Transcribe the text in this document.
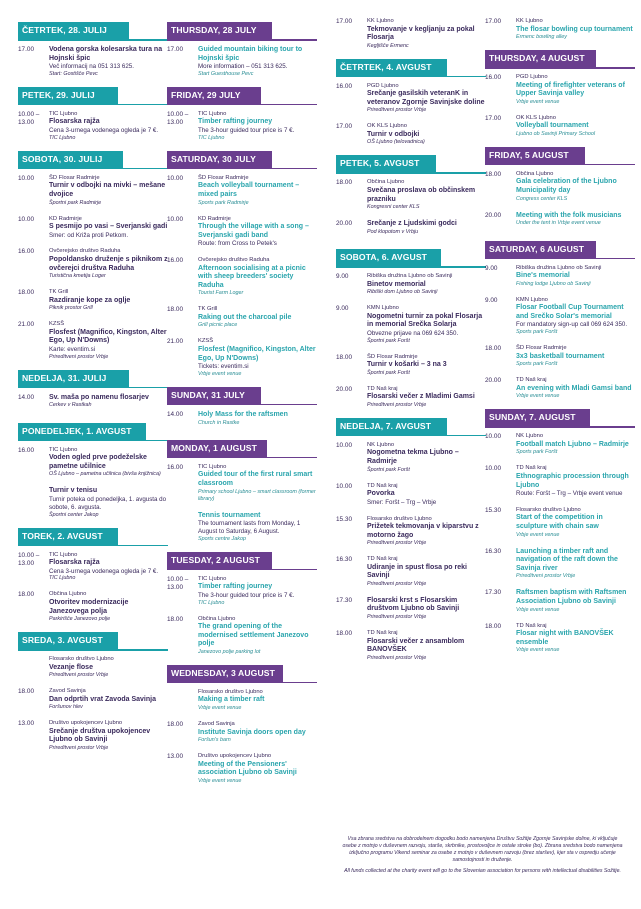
ČETRTEK, 28. JULIJ
17.00 Vodena gorska kolesarska tura na Hojnski špic
Več informacij na 051 313 625.
Start: Gostišče Pevc
PETEK, 29. JULIJ
10.00 –
13.00
TIC Ljubno
Flosarska rajža
Cena 3-urnega vodenega ogleda je 7 €.
TIC Ljubno
SOBOTA, 30. JULIJ
10.00	ŠD Flosar Radmirje
Turnir v odbojki na mivki – mešane dvojice
Športni park Radmirje
10.00	KD Radmirje
S pesmijo po vasi – Sverjanski gadi
Smer: od Križa proti Petkom.
16.00	Ovčerejsko društvo Raduha
Popoldansko druženje s piknikom z ovčerejci društva Raduha
Turistična kmetija Loger
18.00	TK Grill
Razdiranje kope za oglje
Piknik prostor Grill
21.00	KZSŠ
Flosfest (Magnifico, Kingston, Alter Ego, Up N'Downs)
Karte: eventim.si
Prireditveni prostor Vrbje
NEDELJA, 31. JULIJ
14.00 Sv. maša po namenu flosarjev
Cerkev v Rastkah
PONEDELJEK, 1. AVGUST
16.00	TIC Ljubno
Voden ogled prve podeželske pametne učilnice
OŠ Ljubno – pametna učilnica (bivša knjižnica)
Turnir v tenisu
Turnir poteka od ponedeljka, 1. avgusta do sobote, 6. avgusta.
Športni center Jakop
TOREK, 2. AVGUST
10.00 –
13.00
TIC Ljubno
Flosarska rajža
Cena 3-urnega vodenega ogleda je 7 €.
TIC Ljubno
18.00	Občina Ljubno
Otvoritev modernizacije Janezovega polja
Parkirišče Janezovo polje
SREDA, 3. AVGUST
Flosarsko društvo Ljubno
Vezanje flose
Prireditveni prostor Vrbje
18.00	Zavod Savinja
Dan odprtih vrat Zavoda Savinja
Foršunov hlev
13.00	Društvo upokojencev Ljubno
Srečanje društva upokojencev Ljubno ob Savinji
Prireditveni prostor Vrbje
THURSDAY, 28 JULY
17.00 Guided mountain biking tour to Hojnski špic
More information – 051 313 625.
Start Guesthouse Pevc
FRIDAY, 29 JULY
10.00 –
13.00
TIC Ljubno
Timber rafting journey
The 3-hour guided tour price is 7 €.
TIC Ljubno
SATURDAY, 30 JULY
10.00	ŠD Flosar Radmirje
Beach volleyball tournament – mixed pairs
Sports park Radmirje
10.00	KD Radmirje
Through the village with a song – Sverjanski gadi band
Route: from Cross to Petek's
16.00	Ovčerejsko društvo Raduha
Afternoon socialising at a picnic with sheep breeders' society Raduha
Tourist Farm Loger
18.00	TK Grill
Raking out the charcoal pile
Grill picnic place
21.00	KZSŠ
Flosfest (Magnifico, Kingston, Alter Ego, Up N'Downs)
Tickets: eventim.si
Vrbje event venue
SUNDAY, 31 JULY
14.00 Holy Mass for the raftsmen
Church in Rastke
MONDAY, 1 AUGUST
16.00	TIC Ljubno
Guided tour of the first rural smart classroom
Primary school Ljubno – smart classroom (former library)
Tennis tournament
The tournament lasts from Monday, 1 August to Saturday, 6 August.
Sports centre Jakop
TUESDAY, 2 AUGUST
10.00 –
13.00
TIC Ljubno
Timber rafting journey
The 3-hour guided tour price is 7 €.
TIC Ljubno
18.00	Občina Ljubno
The grand opening of the modernised settlement Janezovo polje
Janezovo polje parking lot
WEDNESDAY, 3 AUGUST
Flosarsko društvo Ljubno
Making a timber raft
Vrbje event venue
18.00	Zavod Savinja
Institute Savinja doors open day
Foršun's barn
13.00	Društvo upokojencev Ljubno
Meeting of the Pensioners' association Ljubno ob Savinji
Vrbje event venue
17.00	KK Ljubno
Tekmovanje v kegljanju za pokal Flosarja
Kegljišče Ermenc
ČETRTEK, 4. AVGUST
16.00	PGD Ljubno
Srečanje gasilskih veteranK in veteranov Zgornje Savinjske doline
Prireditveni prostor Vrbje
17.00	OK KLS Ljubno
Turnir v odbojki
OŠ Ljubno (telovadnica)
PETEK, 5. AVGUST
18.00	Občina Ljubno
Svečana proslava ob občinskem prazniku
Kongresni center KLS
20.00 Srečanje z Ljudskimi godci
Pod klopotom v Vrbju
SOBOTA, 6. AVGUST
9.00	Ribiška družina Ljubno ob Savinji
Binetov memorial
Ribiški dom Ljubno ob Savinji
9.00	KMN Ljubno
Nogometni turnir za pokal Flosarja in memorial Srečka Solarja
Obvezne prijave na 069 624 350.
Športni park Foršt
18.00	ŠD Flosar Radmirje
Turnir v košarki – 3 na 3
Športni park Foršt
20.00	TD Naš kraj
Flosarski večer z Mladimi Gamsi
Prireditveni prostor Vrbje
NEDELJA, 7. AVGUST
10.00	NK Ljubno
Nogometna tekma Ljubno – Radmirje
Športni park Foršt
10.00	TD Naš kraj
Povorka
Smer: Foršt – Trg – Vrbje
15.30	Flosarsko društvo Ljubno
Prižetek tekmovanja v kiparstvu z motorno žago
Prireditveni prostor Vrbje
16.30	TD Naš kraj
Udiranje in spust flosa po reki Savinji
Prireditveni prostor Vrbje
17.30 Flosarski krst s Flosarskim društvom Ljubno ob Savinji
Prireditveni prostor Vrbje
18.00	TD Naš kraj
Flosarski večer z ansamblom BANOVŠEK
Prireditveni prostor Vrbje
17.00	KK Ljubno
The flosar bowling cup tournament
Ermenc bowling alley
THURSDAY, 4 AUGUST
16.00	PGD Ljubno
Meeting of firefighter veterans of Upper Savinja valley
Vrbje event venue
17.00	OK KLS Ljubno
Volleyball tournament
Ljubno ob Savinji Primary School
FRIDAY, 5 AUGUST
18.00	Občina Ljubno
Gala celebration of the Ljubno Municipality day
Congress center KLS
20.00 Meeting with the folk musicians
Under the tent in Vrbje event venue
SATURDAY, 6 AUGUST
9.00	Ribiška družina Ljubno ob Savinji
Bine's memorial
Fishing lodge Ljubno ob Savinji
9.00	KMN Ljubno
Flosar Football Cup Tournament and Srečko Solar's memorial
For mandatory sign-up call 069 624 350.
Sports park Foršt
18.00	ŠD Flosar Radmirje
3x3 basketball tournament
Sports park Foršt
20.00	TD Naš kraj
An evening with Mladi Gamsi band
Vrbje event venue
SUNDAY, 7. AUGUST
10.00	NK Ljubno
Football match Ljubno – Radmirje
Sports park Foršt
10.00	TD Naš kraj
Ethnographic procession through Ljubno
Route: Foršt – Trg – Vrbje event venue
15.30	Flosarsko društvo Ljubno
Start of the competition in sculpture with chain saw
Vrbje event venue
16.30 Launching a timber raft and navigation of the raft down the Savinja river
Prireditveni prostor Vrbje
17.30 Raftsmen baptism with Raftsmen Association Ljubno ob Savinji
Vrbje event venue
18.00	TD Naš kraj
Flosar night with BANOVŠEK ensemble
Vrbje event venue

Vsa zbrana sredstva na dobrodelnem dogodku bodo namenjena Društvu Sožitje Zgornje Savinjske doline, ki vključuje osebe z motnjo v duševnem razvoju, starše, skrbnike, prostovoljce in ostale stroke (bo). Zbrana sredstva bodo namenjena izključno programu Vikend seminar za osebe z motnjo v duševnem razvoju (brez staršev), kjer sta v ospredju učenje samostojnosti in druženje.

All funds collected at the charity event will go to the Slovenian association for persons with intellectual disabilities Sožitje.
